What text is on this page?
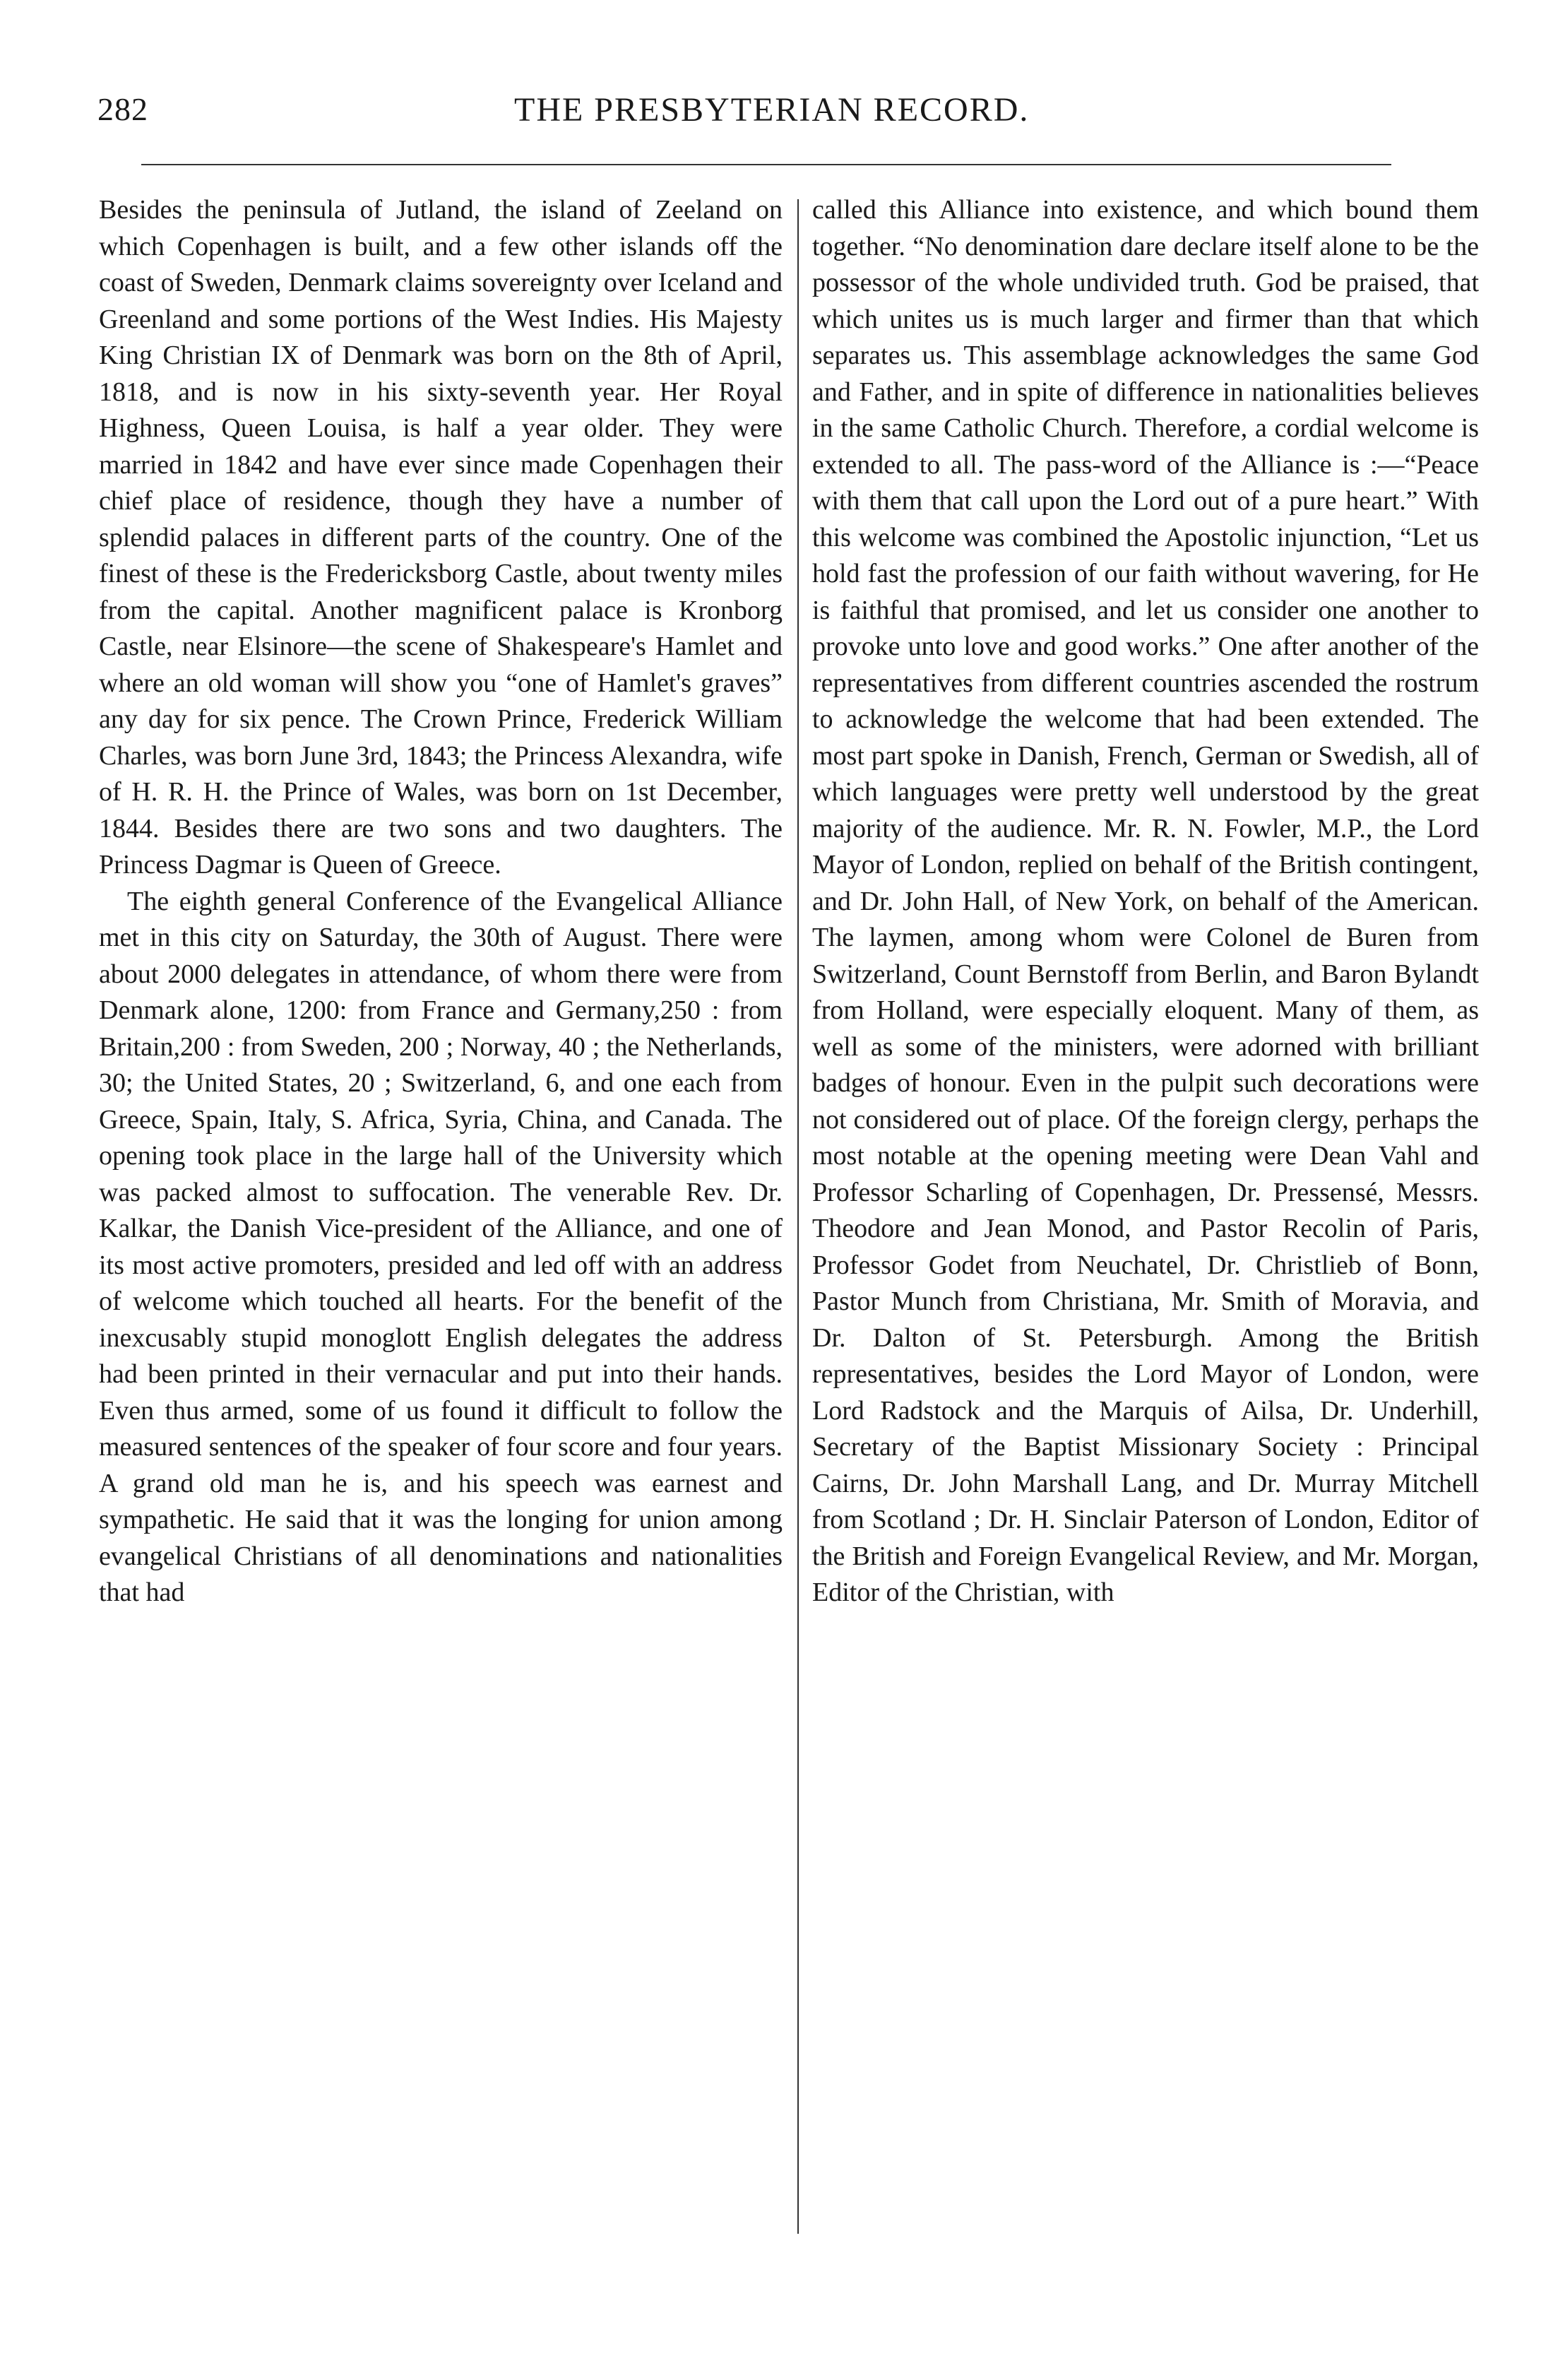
282	THE PRESBYTERIAN RECORD.

Besides the peninsula of Jutland, the island of Zeeland on which Copenhagen is built, and a few other islands off the coast of Sweden, Denmark claims sovereignty over Iceland and Greenland and some portions of the West Indies. His Majesty King Christian IX of Denmark was born on the 8th of April, 1818, and is now in his sixty-seventh year. Her Royal Highness, Queen Louisa, is half a year older. They were married in 1842 and have ever since made Copenhagen their chief place of residence, though they have a number of splendid palaces in different parts of the country. One of the finest of these is the Fredericksborg Castle, about twenty miles from the capital. Another magnificent palace is Kronborg Castle, near Elsinore—the scene of Shakespeare's Hamlet and where an old woman will show you “one of Hamlet's graves” any day for six pence. The Crown Prince, Frederick William Charles, was born June 3rd, 1843; the Princess Alexandra, wife of H. R. H. the Prince of Wales, was born on 1st December, 1844. Besides there are two sons and two daughters. The Princess Dagmar is Queen of Greece.

The eighth general Conference of the Evangelical Alliance met in this city on Saturday, the 30th of August. There were about 2000 delegates in attendance, of whom there were from Denmark alone, 1200: from France and Germany,250 : from Britain,200 : from Sweden, 200 ; Norway, 40 ; the Netherlands, 30; the United States, 20 ; Switzerland, 6, and one each from Greece, Spain, Italy, S. Africa, Syria, China, and Canada. The opening took place in the large hall of the University which was packed almost to suffocation. The venerable Rev. Dr. Kalkar, the Danish Vice-president of the Alliance, and one of its most active promoters, presided and led off with an address of welcome which touched all hearts. For the benefit of the inexcusably stupid monoglott English delegates the address had been printed in their vernacular and put into their hands. Even thus armed, some of us found it difficult to follow the measured sentences of the speaker of four score and four years. A grand old man he is, and his speech was earnest and sympathetic. He said that it was the longing for union among evangelical Christians of all denominations and nationalities that had

called this Alliance into existence, and which bound them together. “No denomination dare declare itself alone to be the possessor of the whole undivided truth. God be praised, that which unites us is much larger and firmer than that which separates us. This assemblage acknowledges the same God and Father, and in spite of difference in nationalities believes in the same Catholic Church. Therefore, a cordial welcome is extended to all. The pass-word of the Alliance is :—“Peace with them that call upon the Lord out of a pure heart.” With this welcome was combined the Apostolic injunction, “Let us hold fast the profession of our faith without wavering, for He is faithful that promised, and let us consider one another to provoke unto love and good works.” One after another of the representatives from different countries ascended the rostrum to acknowledge the welcome that had been extended. The most part spoke in Danish, French, German or Swedish, all of which languages were pretty well understood by the great majority of the audience. Mr. R. N. Fowler, M.P., the Lord Mayor of London, replied on behalf of the British contingent, and Dr. John Hall, of New York, on behalf of the American. The laymen, among whom were Colonel de Buren from Switzerland, Count Bernstoff from Berlin, and Baron Bylandt from Holland, were especially eloquent. Many of them, as well as some of the ministers, were adorned with brilliant badges of honour. Even in the pulpit such decorations were not considered out of place. Of the foreign clergy, perhaps the most notable at the opening meeting were Dean Vahl and Professor Scharling of Copenhagen, Dr. Pressensé, Messrs. Theodore and Jean Monod, and Pastor Recolin of Paris, Professor Godet from Neuchatel, Dr. Christlieb of Bonn, Pastor Munch from Christiana, Mr. Smith of Moravia, and Dr. Dalton of St. Petersburgh. Among the British representatives, besides the Lord Mayor of London, were Lord Radstock and the Marquis of Ailsa, Dr. Underhill, Secretary of the Baptist Missionary Society : Principal Cairns, Dr. John Marshall Lang, and Dr. Murray Mitchell from Scotland ; Dr. H. Sinclair Paterson of London, Editor of the British and Foreign Evangelical Review, and Mr. Morgan, Editor of the Christian, with
